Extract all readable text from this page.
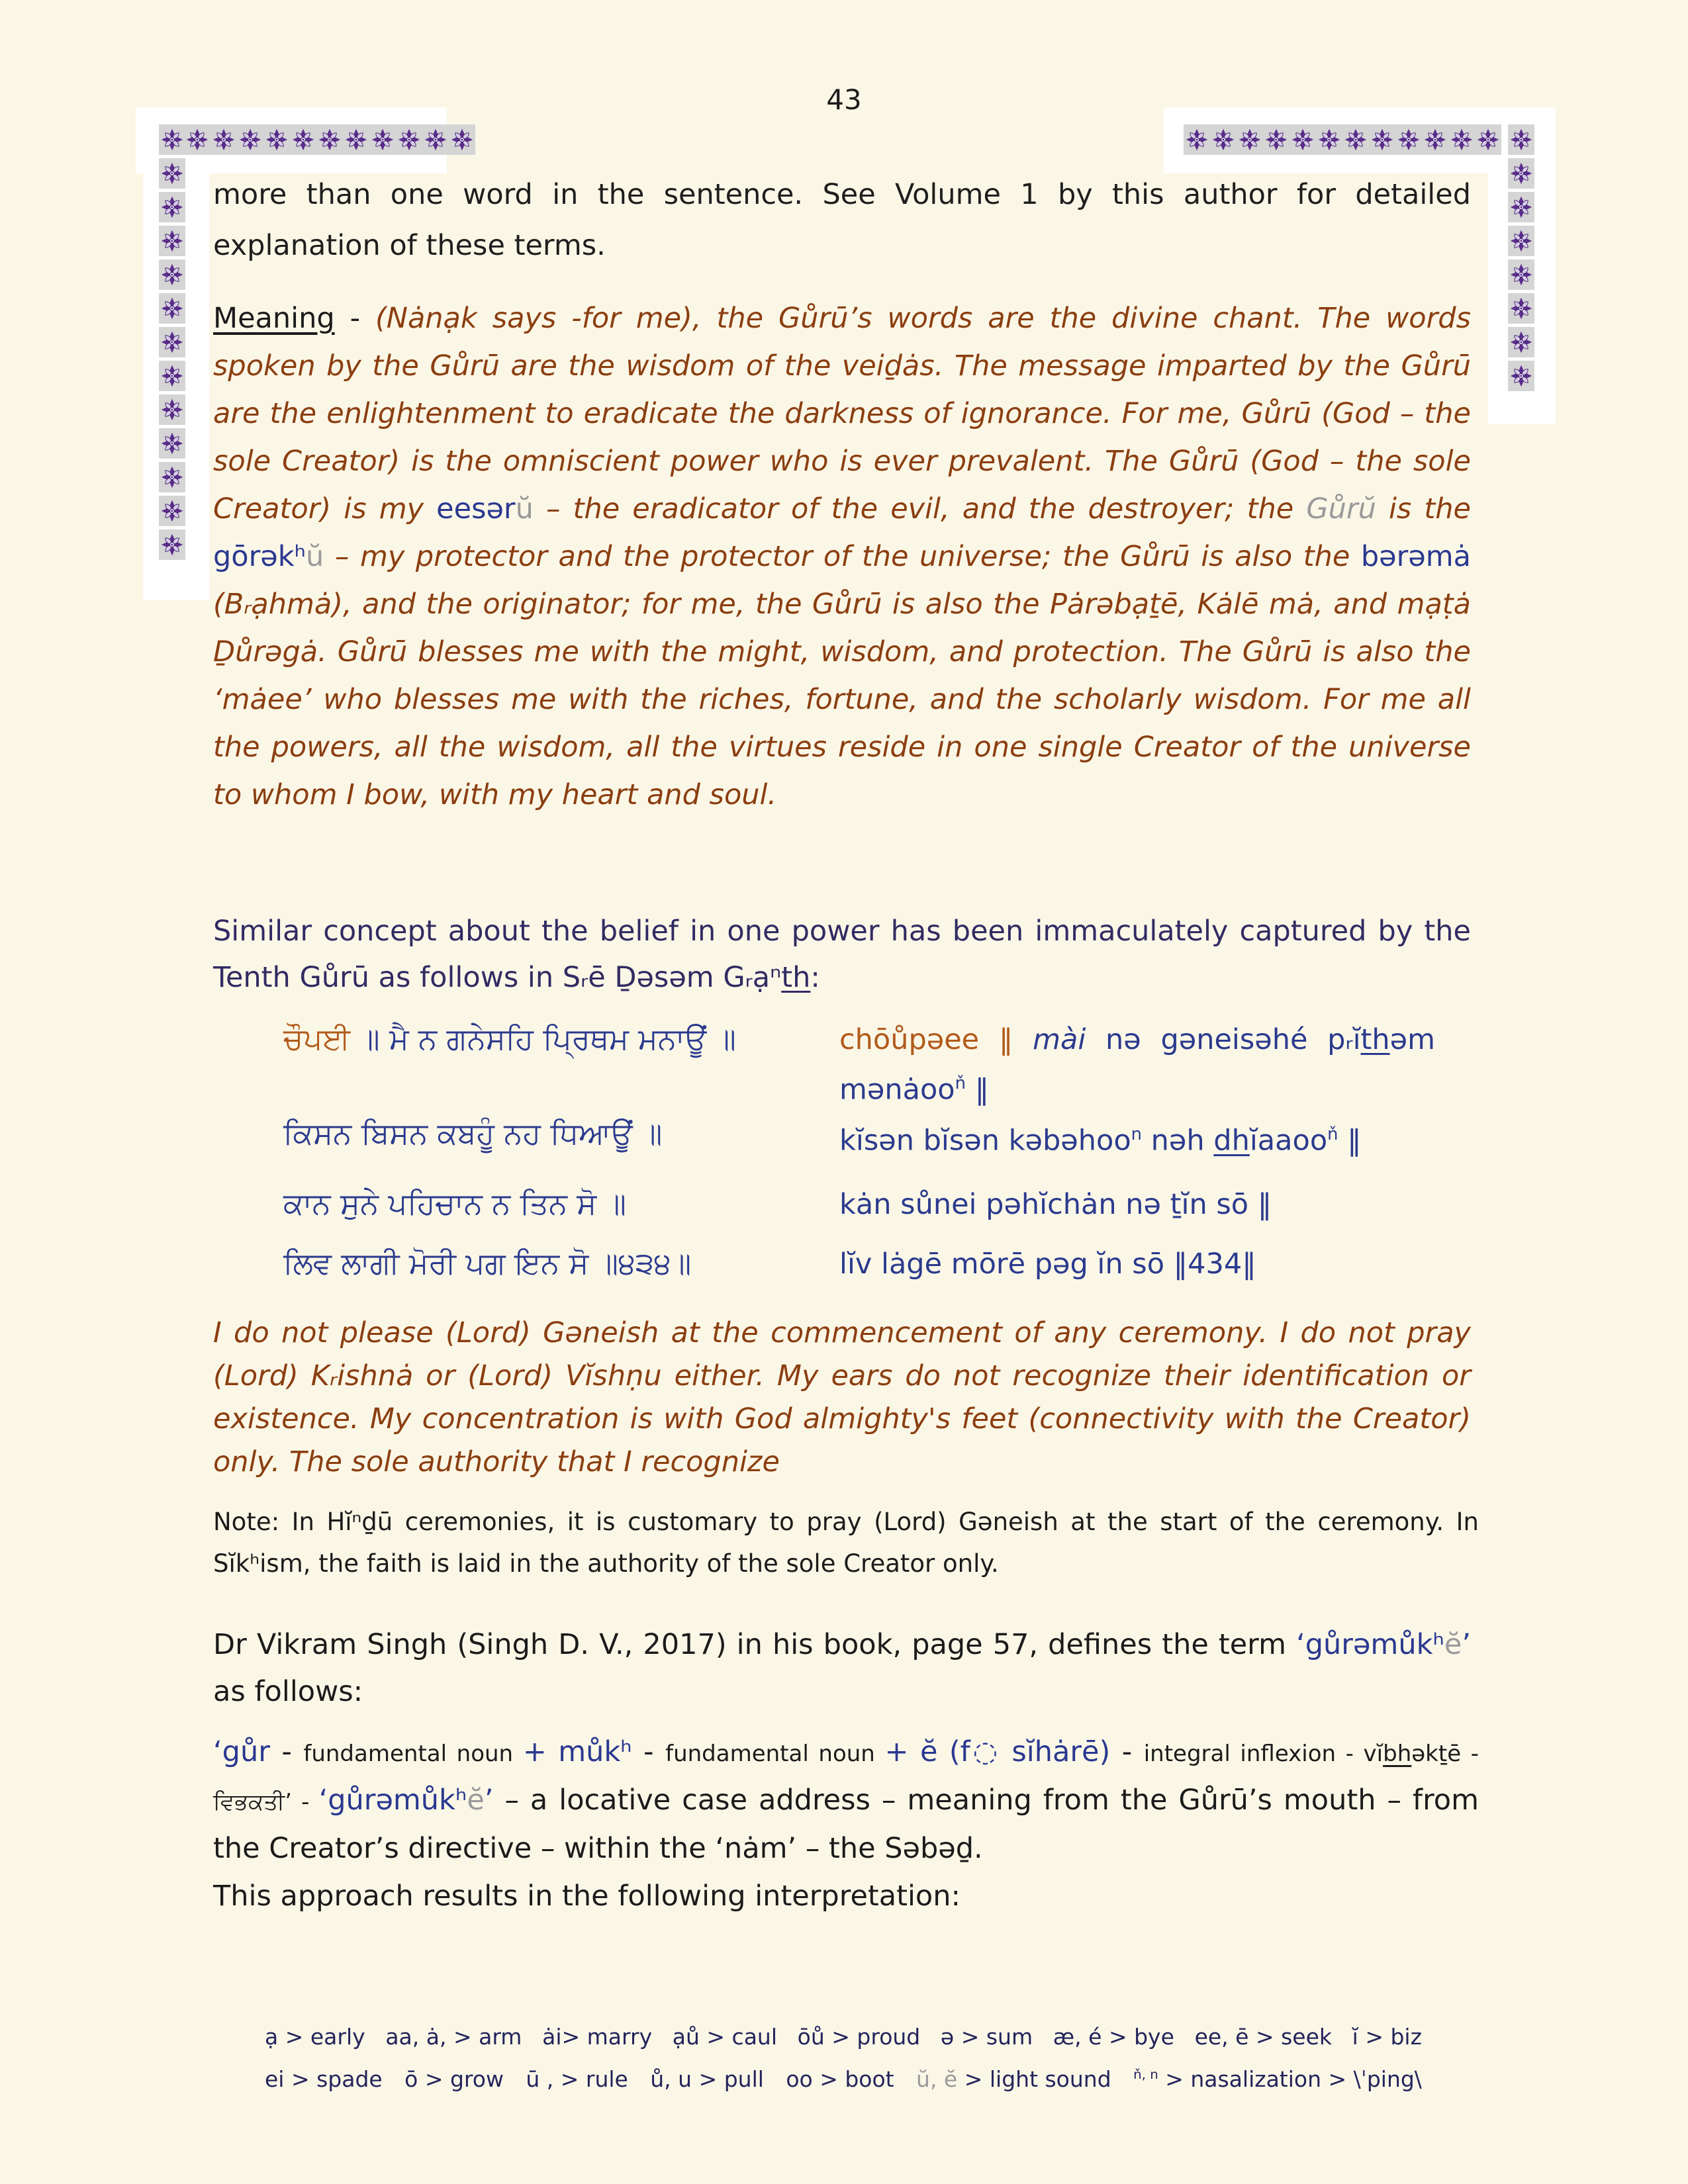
43
more than one word in the sentence. See Volume 1 by this author for detailed explanation of these terms.
Meaning - (Nȧnạk says -for me), the Gůrū’s words are the divine chant. The words spoken by the Gůrū are the wisdom of the veiḏȧs. The message imparted by the Gůrū are the enlightenment to eradicate the darkness of ignorance. For me, Gůrū (God – the sole Creator) is the omniscient power who is ever prevalent. The Gůrū (God – the sole Creator) is my eesərŭ – the eradicator of the evil, and the destroyer; the Gůrŭ is the gōrəkʰŭ – my protector and the protector of the universe; the Gůrū is also the bərəmȧ (Bᵣạhmȧ), and the originator; for me, the Gůrū is also the Pȧrəbạṯē, Kȧlē mȧ, and mạṭȧ Ḏůrəgȧ. Gůrū blesses me with the might, wisdom, and protection. The Gůrū is also the ‘mȧee’ who blesses me with the riches, fortune, and the scholarly wisdom. For me all the powers, all the wisdom, all the virtues reside in one single Creator of the universe to whom I bow, with my heart and soul.
Similar concept about the belief in one power has been immaculately captured by the Tenth Gůrū as follows in Sᵣē Ḏəsəm Gᵣạⁿth:
ਚੌਪਈ ॥ ਮੈ ਨ ਗਨੇਸਹਿ ਪ੍ਰਿਥਮ ਮਨਾਊਂ ॥	chōůpəee ‖ mài nə gəneisəhé pᵣĭthəm mənȧoo$^ň$ ‖
ਕਿਸਨ ਬਿਸਨ ਕਬਹੂੰ ਨਹ ਧਿਆਊਂ ॥	kĭsən bĭsən kəbəhoo$^n$ nəh dhĭaaoo$^ň$ ‖
ਕਾਨ ਸੁਨੇ ਪਹਿਚਾਨ ਨ ਤਿਨ ਸੋ ॥	kȧn sůnei pəhĭchȧn nə ṯĭn sō ‖
ਲਿਵ ਲਾਗੀ ਮੋਰੀ ਪਗ ਇਨ ਸੋ ॥੪੩੪॥	lĭv lȧgē mōrē pəg ĭn sō ‖434‖
I do not please (Lord) Gəneish at the commencement of any ceremony. I do not pray (Lord) Kᵣishnȧ or (Lord) Vĭshṇu either. My ears do not recognize their identification or existence. My concentration is with God almighty's feet (connectivity with the Creator) only. The sole authority that I recognize
Note: In Hĭⁿḏū ceremonies, it is customary to pray (Lord) Gəneish at the start of the ceremony. In Sĭkʰism, the faith is laid in the authority of the sole Creator only.
Dr Vikram Singh (Singh D. V., 2017) in his book, page 57, defines the term ‘gůrəmůkʰĕ’ as follows:
‘gůr - fundamental noun + můkʰ - fundamental noun + ĕ (f◌ sĭhȧrē) - integral inflexion - vĭbhəkṯē - ਵਿਭਕਤੀ’ - ‘gůrəmůkʰĕ’ – a locative case address – meaning from the Gůrū’s mouth – from the Creator’s directive – within the ‘nȧm’ – the Səbəḏ.
This approach results in the following interpretation:
ạ > early aa, ȧ, > arm ȧi> marry ạů > caul ōů > proud ə > sum æ, é > bye ee, ē > seek ĭ > biz
ei > spade ō > grow ū , > rule ů, u > pull oo > boot ŭ, ĕ > light sound $^{ň, n}$ > nasalization > \ˈping\
